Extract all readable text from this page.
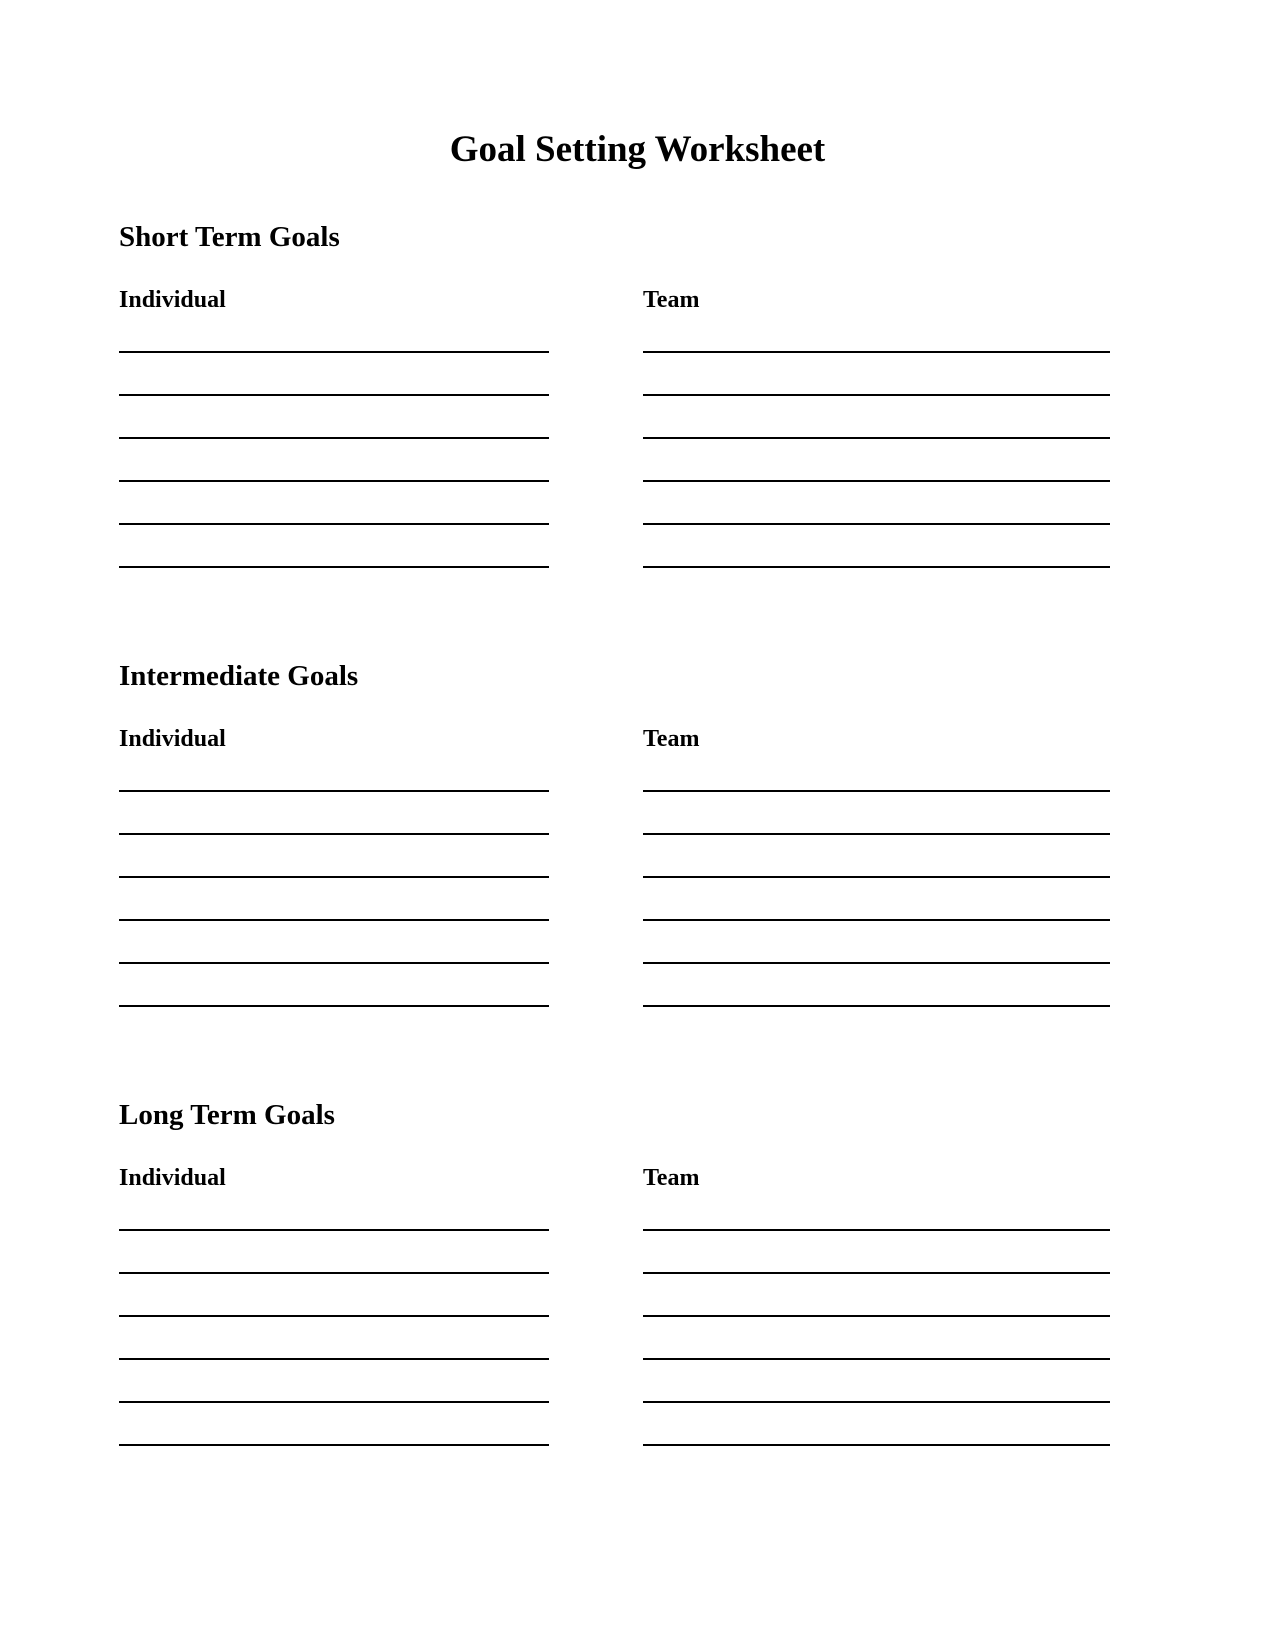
Goal Setting Worksheet
Short Term Goals
Individual	Team
Intermediate Goals
Individual	Team
Long Term Goals
Individual	Team
